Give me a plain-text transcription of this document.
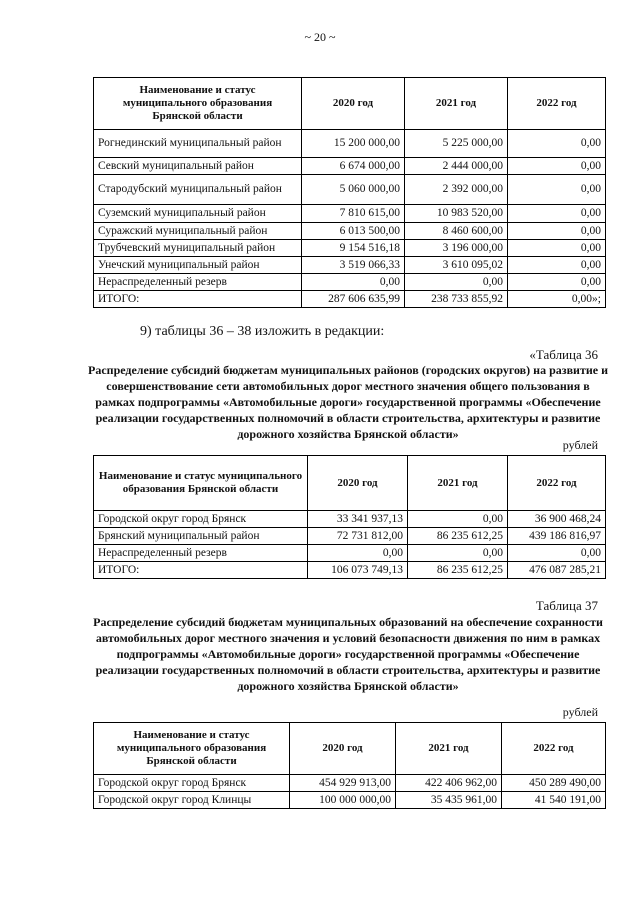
~ 20 ~
Наименование и статус муниципального образования Брянской области	2020 год	2021 год	2022 год
Рогнединский муниципальный район	15 200 000,00	5 225 000,00	0,00
Севский муниципальный район	6 674 000,00	2 444 000,00	0,00
Стародубский муниципальный район	5 060 000,00	2 392 000,00	0,00
Суземский муниципальный район	7 810 615,00	10 983 520,00	0,00
Суражский муниципальный район	6 013 500,00	8 460 600,00	0,00
Трубчевский муниципальный район	9 154 516,18	3 196 000,00	0,00
Унечский муниципальный район	3 519 066,33	3 610 095,02	0,00
Нераспределенный резерв	0,00	0,00	0,00
ИТОГО:	287 606 635,99	238 733 855,92	0,00»;
9) таблицы 36 – 38 изложить в редакции:
«Таблица 36
Распределение субсидий бюджетам муниципальных районов (городских округов) на развитие и совершенствование сети автомобильных дорог местного значения общего пользования в рамках подпрограммы «Автомобильные дороги» государственной программы «Обеспечение реализации государственных полномочий в области строительства, архитектуры и развитие дорожного хозяйства Брянской области»
рублей
Наименование и статус муниципального образования Брянской области	2020 год	2021 год	2022 год
Городской округ город Брянск	33 341 937,13	0,00	36 900 468,24
Брянский муниципальный район	72 731 812,00	86 235 612,25	439 186 816,97
Нераспределенный резерв	0,00	0,00	0,00
ИТОГО:	106 073 749,13	86 235 612,25	476 087 285,21
Таблица 37
Распределение субсидий бюджетам муниципальных образований на обеспечение сохранности автомобильных дорог местного значения и условий безопасности движения по ним в рамках подпрограммы «Автомобильные дороги» государственной программы «Обеспечение реализации государственных полномочий в области строительства, архитектуры и развитие дорожного хозяйства Брянской области»
рублей
Наименование и статус муниципального образования Брянской области	2020 год	2021 год	2022 год
Городской округ город Брянск	454 929 913,00	422 406 962,00	450 289 490,00
Городской округ город Клинцы	100 000 000,00	35 435 961,00	41 540 191,00
